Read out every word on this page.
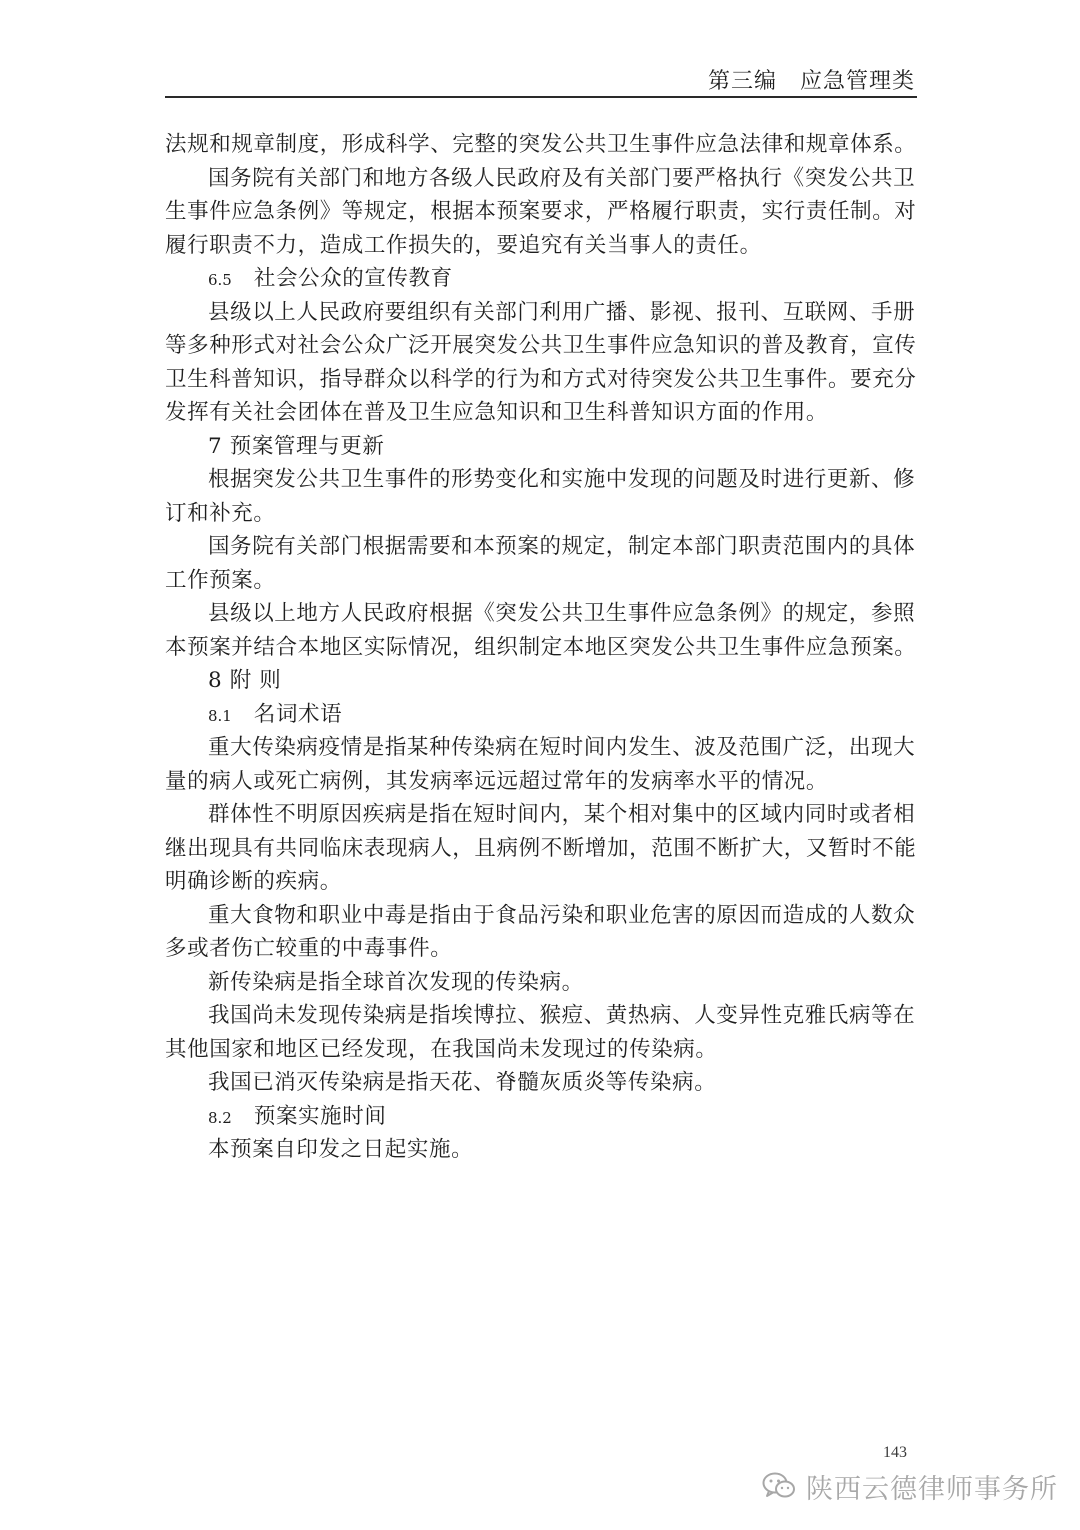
第三编　应急管理类
法规和规章制度，形成科学、完整的突发公共卫生事件应急法律和规章体系。
国务院有关部门和地方各级人民政府及有关部门要严格执行《突发公共卫
生事件应急条例》等规定，根据本预案要求，严格履行职责，实行责任制。对
履行职责不力，造成工作损失的，要追究有关当事人的责任。
6.5 社会公众的宣传教育
县级以上人民政府要组织有关部门利用广播、影视、报刊、互联网、手册
等多种形式对社会公众广泛开展突发公共卫生事件应急知识的普及教育，宣传
卫生科普知识，指导群众以科学的行为和方式对待突发公共卫生事件。要充分
发挥有关社会团体在普及卫生应急知识和卫生科普知识方面的作用。
7 预案管理与更新
根据突发公共卫生事件的形势变化和实施中发现的问题及时进行更新、修
订和补充。
国务院有关部门根据需要和本预案的规定，制定本部门职责范围内的具体
工作预案。
县级以上地方人民政府根据《突发公共卫生事件应急条例》的规定，参照
本预案并结合本地区实际情况，组织制定本地区突发公共卫生事件应急预案。
8 附 则
8.1 名词术语
重大传染病疫情是指某种传染病在短时间内发生、波及范围广泛，出现大
量的病人或死亡病例，其发病率远远超过常年的发病率水平的情况。
群体性不明原因疾病是指在短时间内，某个相对集中的区域内同时或者相
继出现具有共同临床表现病人，且病例不断增加，范围不断扩大，又暂时不能
明确诊断的疾病。
重大食物和职业中毒是指由于食品污染和职业危害的原因而造成的人数众
多或者伤亡较重的中毒事件。
新传染病是指全球首次发现的传染病。
我国尚未发现传染病是指埃博拉、猴痘、黄热病、人变异性克雅氏病等在
其他国家和地区已经发现，在我国尚未发现过的传染病。
我国已消灭传染病是指天花、脊髓灰质炎等传染病。
8.2 预案实施时间
本预案自印发之日起实施。
143
陕西云德律师事务所
